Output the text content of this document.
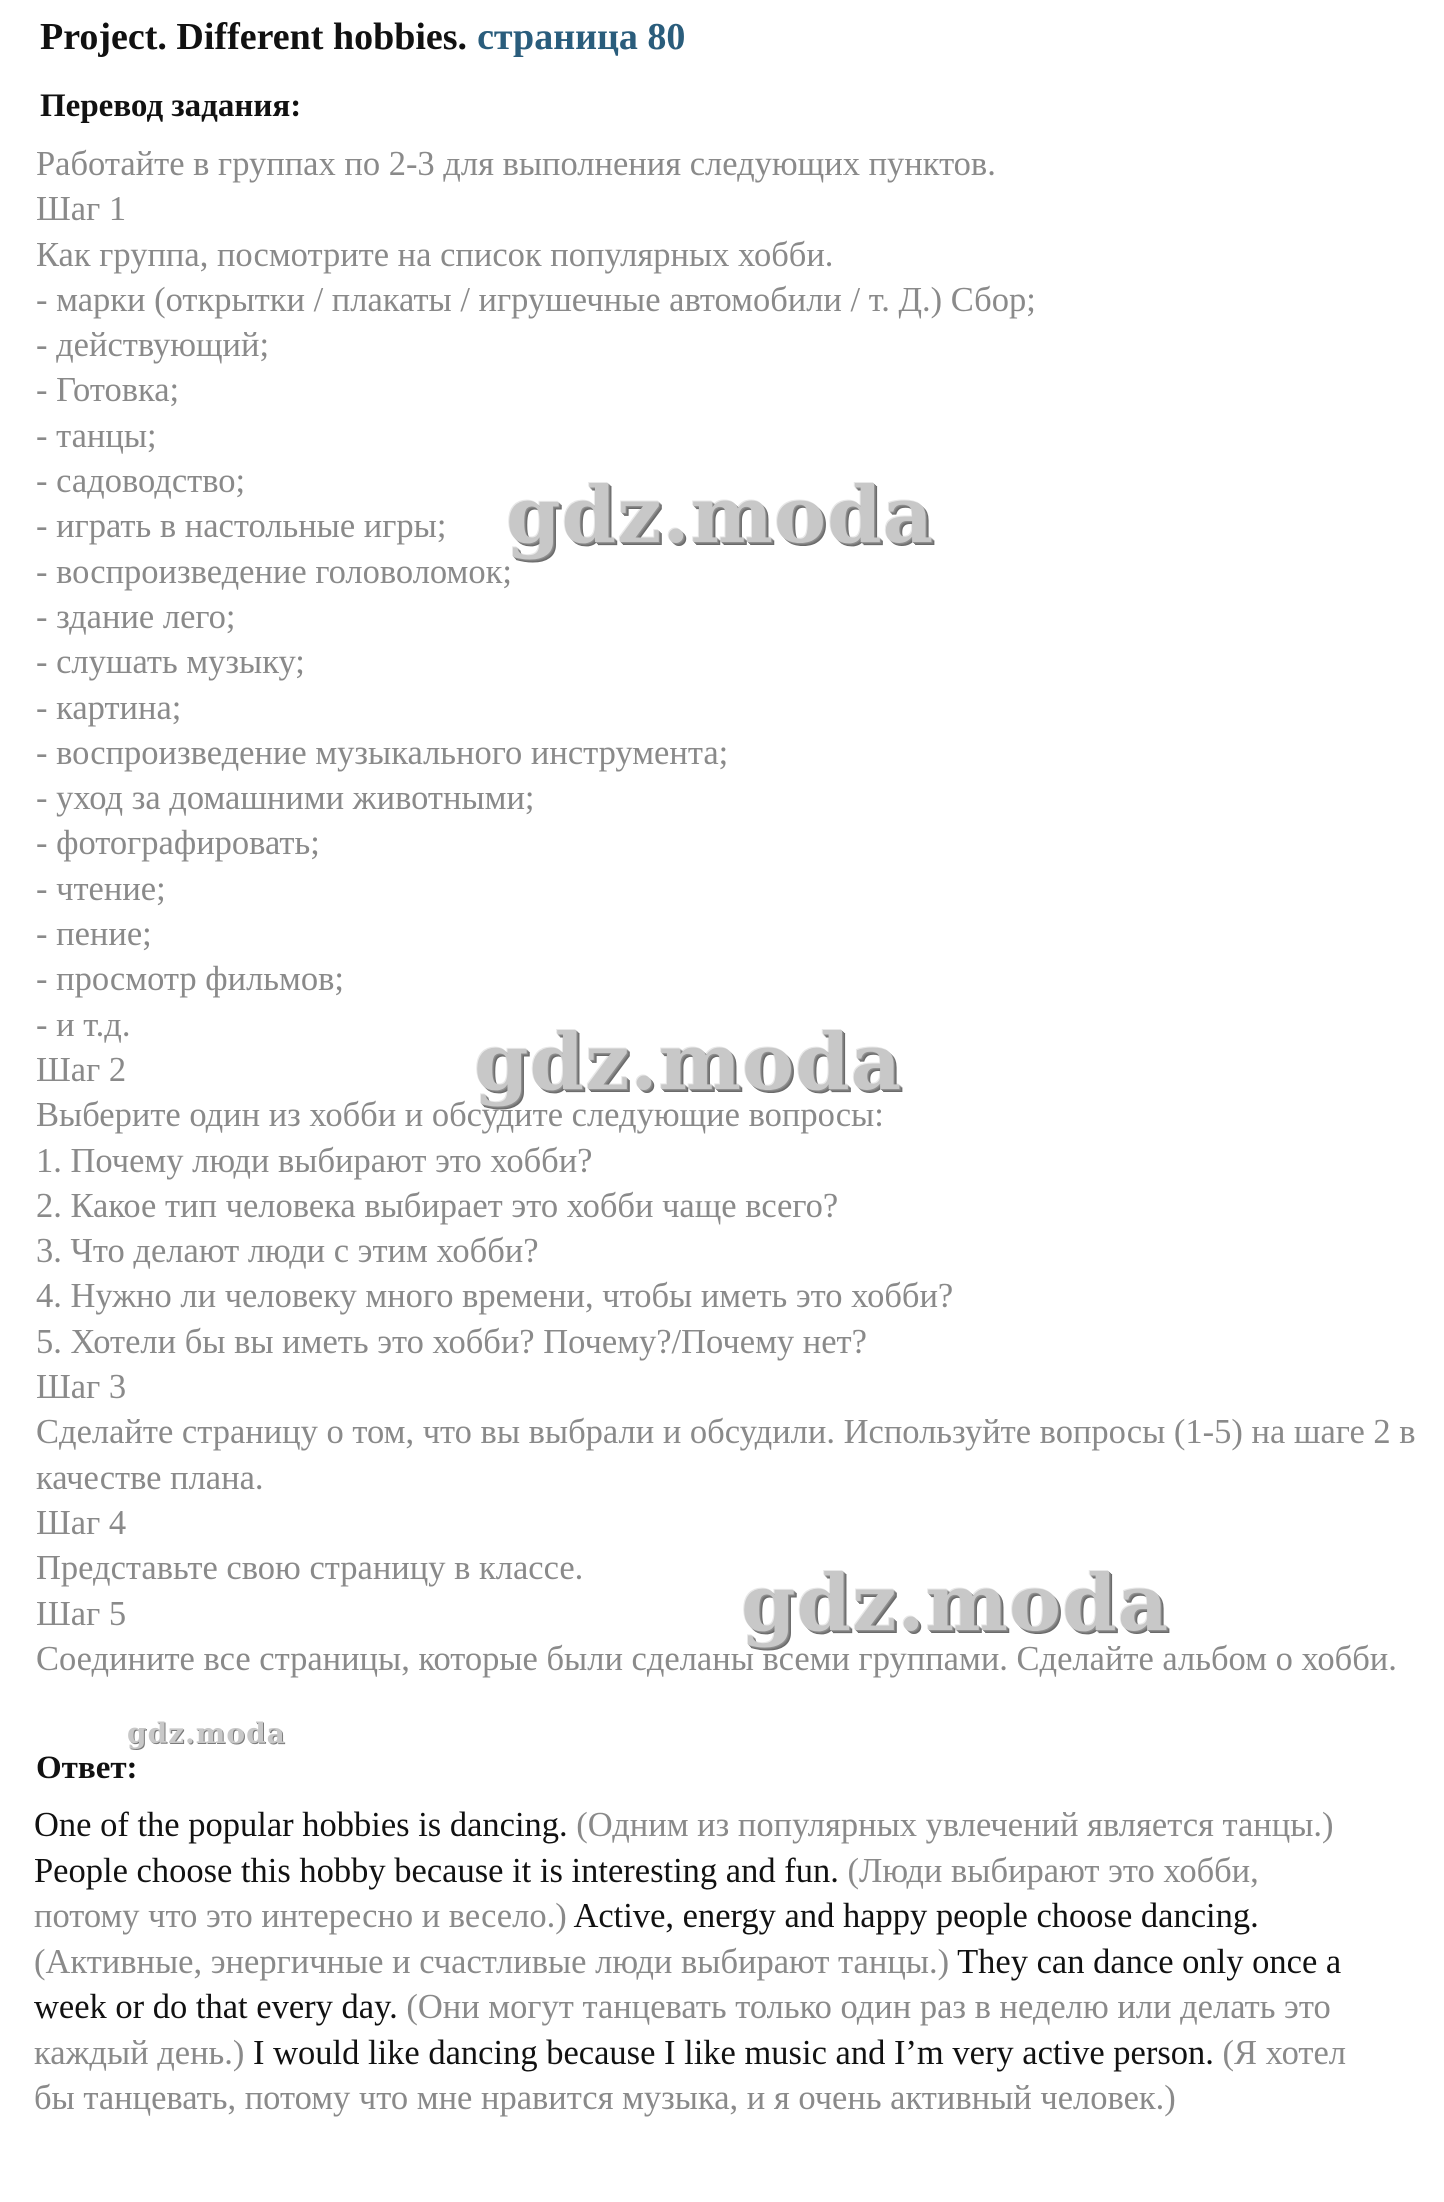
Project. Different hobbies. страница 80
Перевод задания:
Работайте в группах по 2-3 для выполнения следующих пунктов.
Шаг 1
Как группа, посмотрите на список популярных хобби.
- марки (открытки / плакаты / игрушечные автомобили / т. Д.) Сбор;
- действующий;
- Готовка;
- танцы;
- садоводство;
- играть в настольные игры;
- воспроизведение головоломок;
- здание лего;
- слушать музыку;
- картина;
- воспроизведение музыкального инструмента;
- уход за домашними животными;
- фотографировать;
- чтение;
- пение;
- просмотр фильмов;
- и т.д.
Шаг 2
Выберите один из хобби и обсудите следующие вопросы:
1. Почему люди выбирают это хобби?
2. Какое тип человека выбирает это хобби чаще всего?
3. Что делают люди с этим хобби?
4. Нужно ли человеку много времени, чтобы иметь это хобби?
5. Хотели бы вы иметь это хобби? Почему?/Почему нет?
Шаг 3
Сделайте страницу о том, что вы выбрали и обсудили. Используйте вопросы (1-5) на шаге 2 в качестве плана.
Шаг 4
Представьте свою страницу в классе.
Шаг 5
Соедините все страницы, которые были сделаны всеми группами. Сделайте альбом о хобби.
Ответ:
One of the popular hobbies is dancing. (Одним из популярных увлечений является танцы.) People choose this hobby because it is interesting and fun. (Люди выбирают это хобби, потому что это интересно и весело.) Active, energy and happy people choose dancing. (Активные, энергичные и счастливые люди выбирают танцы.) They can dance only once a week or do that every day. (Они могут танцевать только один раз в неделю или делать это каждый день.) I would like dancing because I like music and I’m very active person. (Я хотел бы танцевать, потому что мне нравится музыка, и я очень активный человек.)
gdz.moda
gdz.moda
gdz.moda
gdz.moda
